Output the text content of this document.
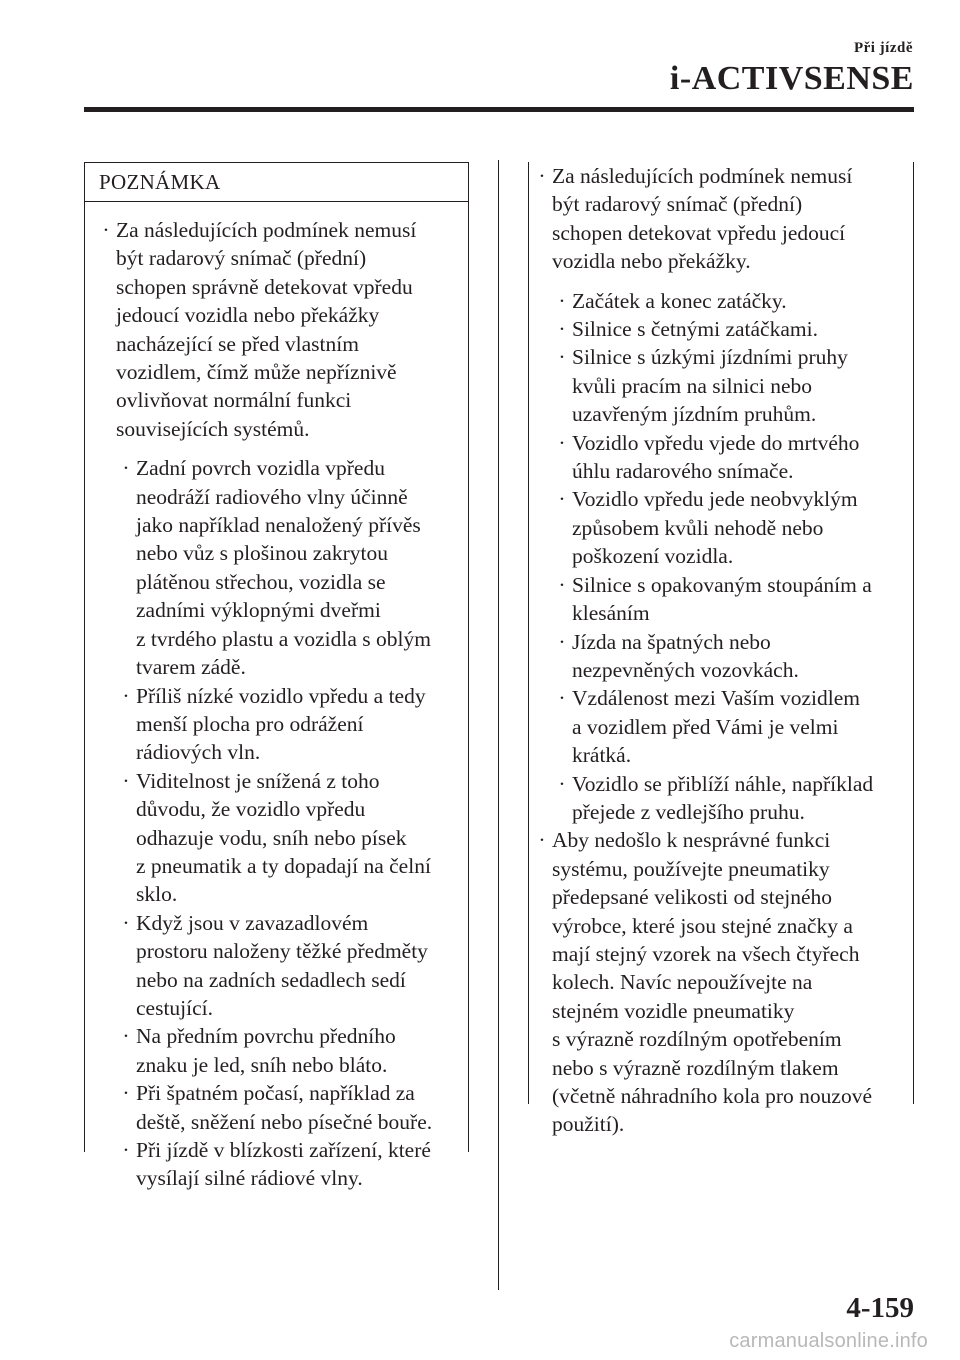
Při jízdě
i-ACTIVSENSE
POZNÁMKA
· Za následujících podmínek nemusí
být radarový snímač (přední)
schopen správně detekovat vpředu
jedoucí vozidla nebo překážky
nacházející se před vlastním
vozidlem, čímž může nepříznivě
ovlivňovat normální funkci
souvisejících systémů.
· Zadní povrch vozidla vpředu
neodráží radiového vlny účinně
jako například nenaložený přívěs
nebo vůz s plošinou zakrytou
plátěnou střechou, vozidla se
zadními výklopnými dveřmi
z tvrdého plastu a vozidla s oblým
tvarem zádě.
· Příliš nízké vozidlo vpředu a tedy
menší plocha pro odrážení
rádiových vln.
· Viditelnost je snížená z toho
důvodu, že vozidlo vpředu
odhazuje vodu, sníh nebo písek
z pneumatik a ty dopadají na čelní
sklo.
· Když jsou v zavazadlovém
prostoru naloženy těžké předměty
nebo na zadních sedadlech sedí
cestující.
· Na předním povrchu předního
znaku je led, sníh nebo bláto.
· Při špatném počasí, například za
deště, sněžení nebo písečné bouře.
· Při jízdě v blízkosti zařízení, které
vysílají silné rádiové vlny.
· Za následujících podmínek nemusí
být radarový snímač (přední)
schopen detekovat vpředu jedoucí
vozidla nebo překážky.
· Začátek a konec zatáčky.
· Silnice s četnými zatáčkami.
· Silnice s úzkými jízdními pruhy
kvůli pracím na silnici nebo
uzavřeným jízdním pruhům.
· Vozidlo vpředu vjede do mrtvého
úhlu radarového snímače.
· Vozidlo vpředu jede neobvyklým
způsobem kvůli nehodě nebo
poškození vozidla.
· Silnice s opakovaným stoupáním a
klesáním
· Jízda na špatných nebo
nezpevněných vozovkách.
· Vzdálenost mezi Vaším vozidlem
a vozidlem před Vámi je velmi
krátká.
· Vozidlo se přiblíží náhle, například
přejede z vedlejšího pruhu.
· Aby nedošlo k nesprávné funkci
systému, používejte pneumatiky
předepsané velikosti od stejného
výrobce, které jsou stejné značky a
mají stejný vzorek na všech čtyřech
kolech. Navíc nepoužívejte na
stejném vozidle pneumatiky
s výrazně rozdílným opotřebením
nebo s výrazně rozdílným tlakem
(včetně náhradního kola pro nouzové
použití).
4-159
carmanualsonline.info
